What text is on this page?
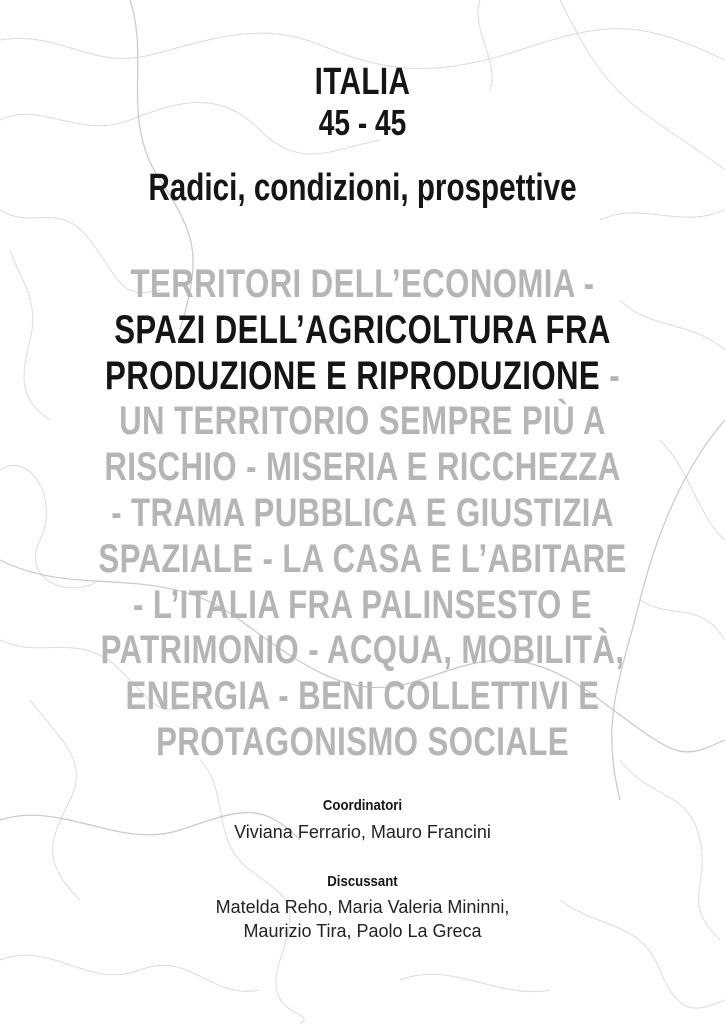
ITALIA
45 - 45
Radici, condizioni, prospettive
TERRITORI DELL’ECONOMIA -
SPAZI DELL’AGRICOLTURA FRA
PRODUZIONE E RIPRODUZIONE -
UN TERRITORIO SEMPRE PIÙ A
RISCHIO - MISERIA E RICCHEZZA
- TRAMA PUBBLICA E GIUSTIZIA
SPAZIALE - LA CASA E L’ABITARE
- L’ITALIA FRA PALINSESTO E
PATRIMONIO - ACQUA, MOBILITÀ,
ENERGIA - BENI COLLETTIVI E
PROTAGONISMO SOCIALE
Coordinatori
Viviana Ferrario, Mauro Francini
Discussant
Matelda Reho, Maria Valeria Mininni,
Maurizio Tira, Paolo La Greca
